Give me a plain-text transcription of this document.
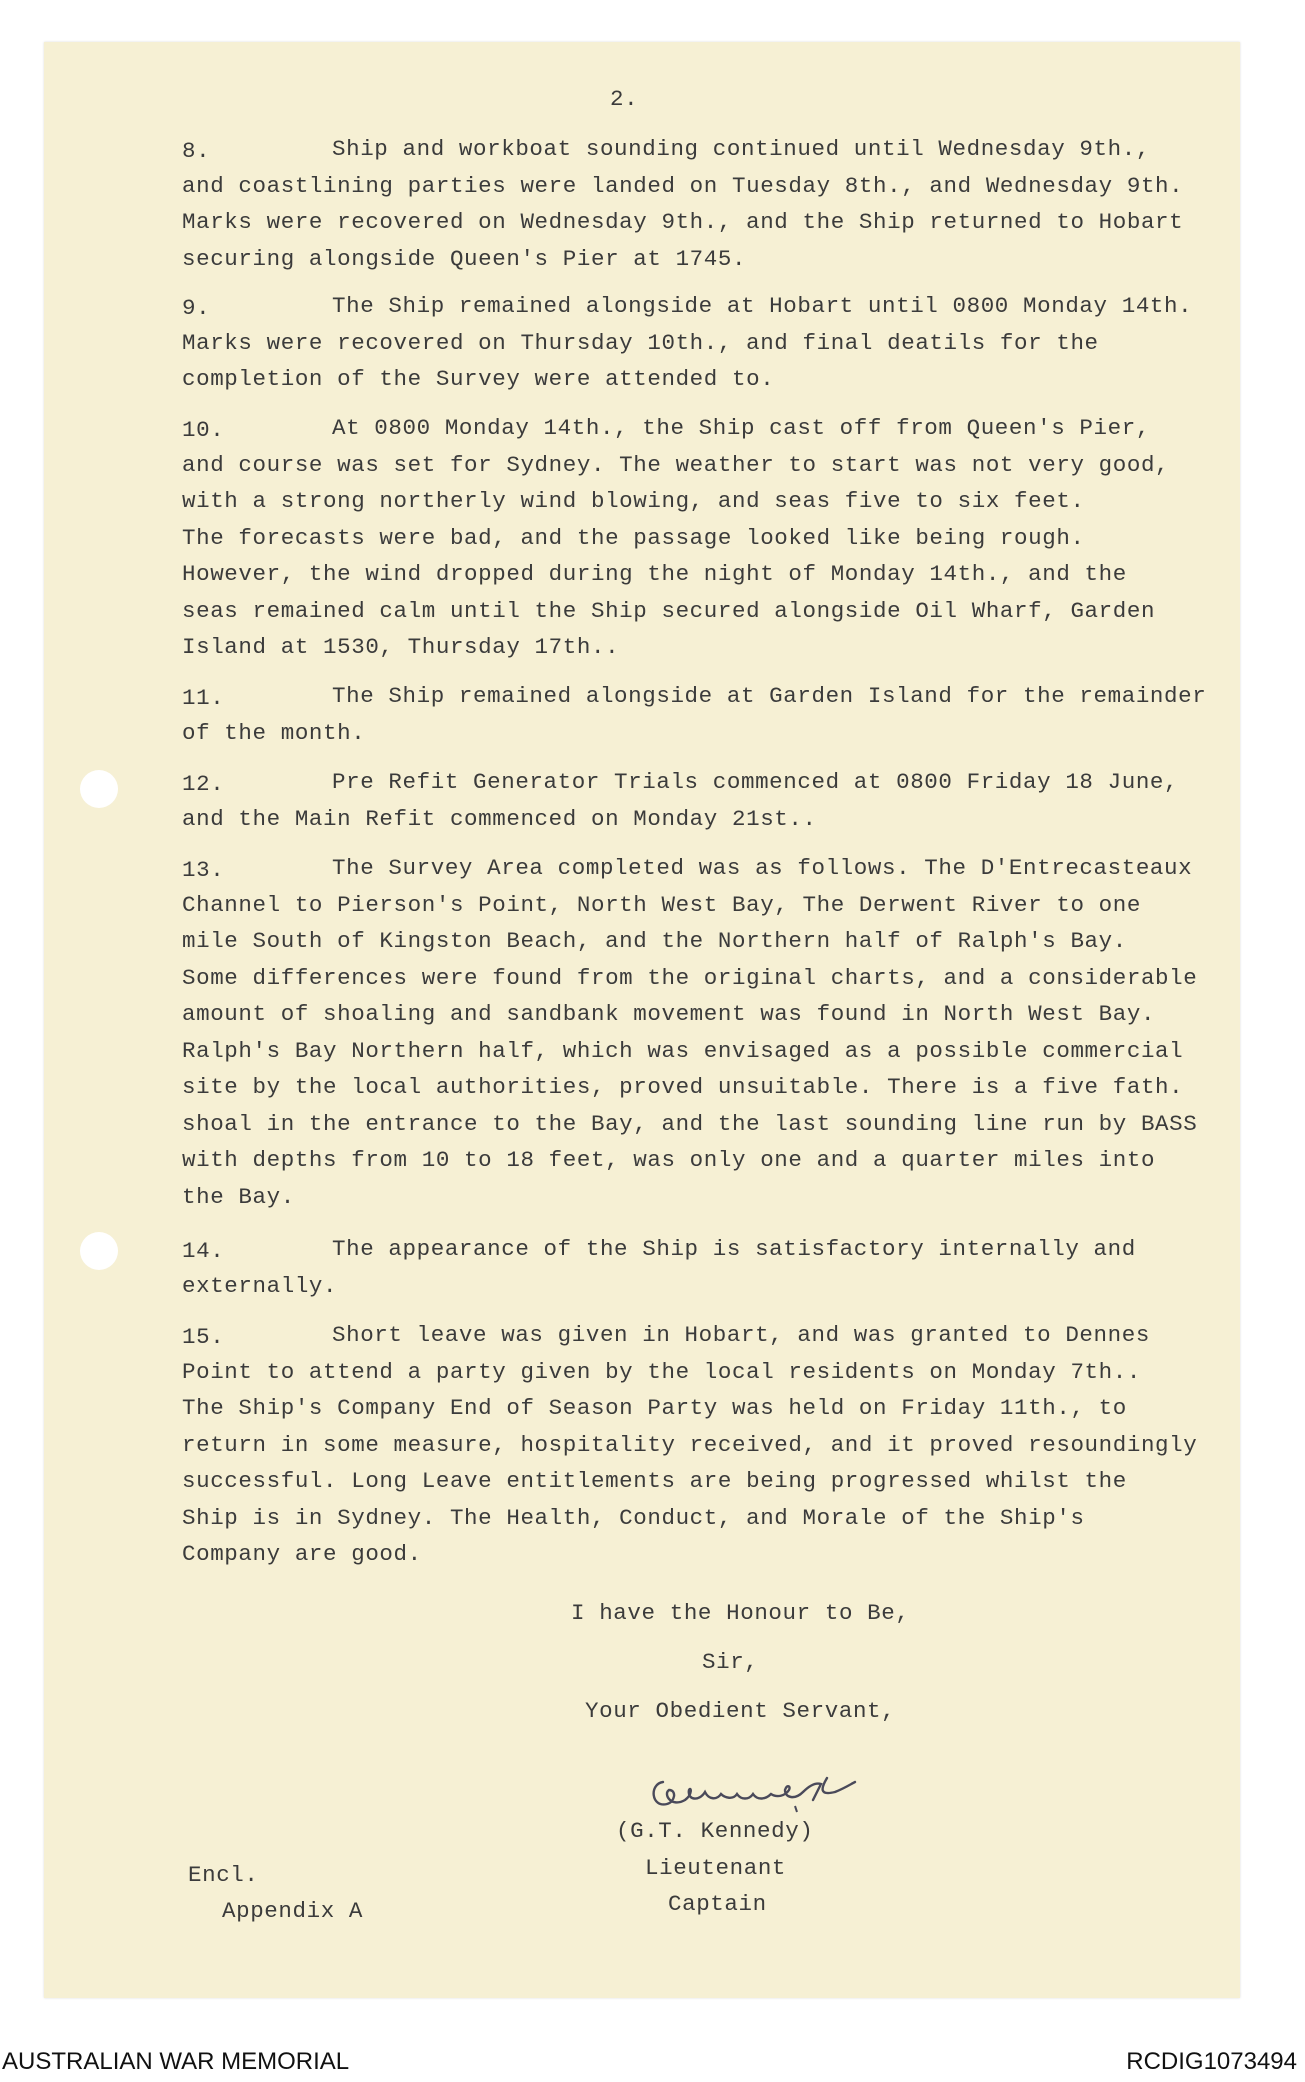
2.
8.	Ship and workboat sounding continued until Wednesday 9th.,
and coastlining parties were landed on Tuesday 8th., and Wednesday 9th.
Marks were recovered on Wednesday 9th., and the Ship returned to Hobart
securing alongside Queen's Pier at 1745.
9.	The Ship remained alongside at Hobart until 0800 Monday 14th.
Marks were recovered on Thursday 10th., and final deatils for the
completion of the Survey were attended to.
10.	At 0800 Monday 14th., the Ship cast off from Queen's Pier,
and course was set for Sydney. The weather to start was not very good,
with a strong northerly wind blowing, and seas five to six feet.
The forecasts were bad, and the passage looked like being rough.
However, the wind dropped during the night of Monday 14th., and the
seas remained calm until the Ship secured alongside Oil Wharf, Garden
Island at 1530, Thursday 17th..
11.	The Ship remained alongside at Garden Island for the remainder
of the month.
12.	Pre Refit Generator Trials commenced at 0800 Friday 18 June,
and the Main Refit commenced on Monday 21st..
13.	The Survey Area completed was as follows. The D'Entrecasteaux
Channel to Pierson's Point, North West Bay, The Derwent River to one
mile South of Kingston Beach, and the Northern half of Ralph's Bay.
Some differences were found from the original charts, and a considerable
amount of shoaling and sandbank movement was found in North West Bay.
Ralph's Bay Northern half, which was envisaged as a possible commercial
site by the local authorities, proved unsuitable. There is a five fath.
shoal in the entrance to the Bay, and the last sounding line run by BASS
with depths from 10 to 18 feet, was only one and a quarter miles into
the Bay.
14.	The appearance of the Ship is satisfactory internally and
externally.
15.	Short leave was given in Hobart, and was granted to Dennes
Point to attend a party given by the local residents on Monday 7th..
The Ship's Company End of Season Party was held on Friday 11th., to
return in some measure, hospitality received, and it proved resoundingly
successful. Long Leave entitlements are being progressed whilst the
Ship is in Sydney. The Health, Conduct, and Morale of the Ship's
Company are good.
I have the Honour to Be,
Sir,
Your Obedient Servant,
(G.T. Kennedy)
Lieutenant
Captain
Encl.
Appendix A
AUSTRALIAN WAR MEMORIAL	RCDIG1073494
